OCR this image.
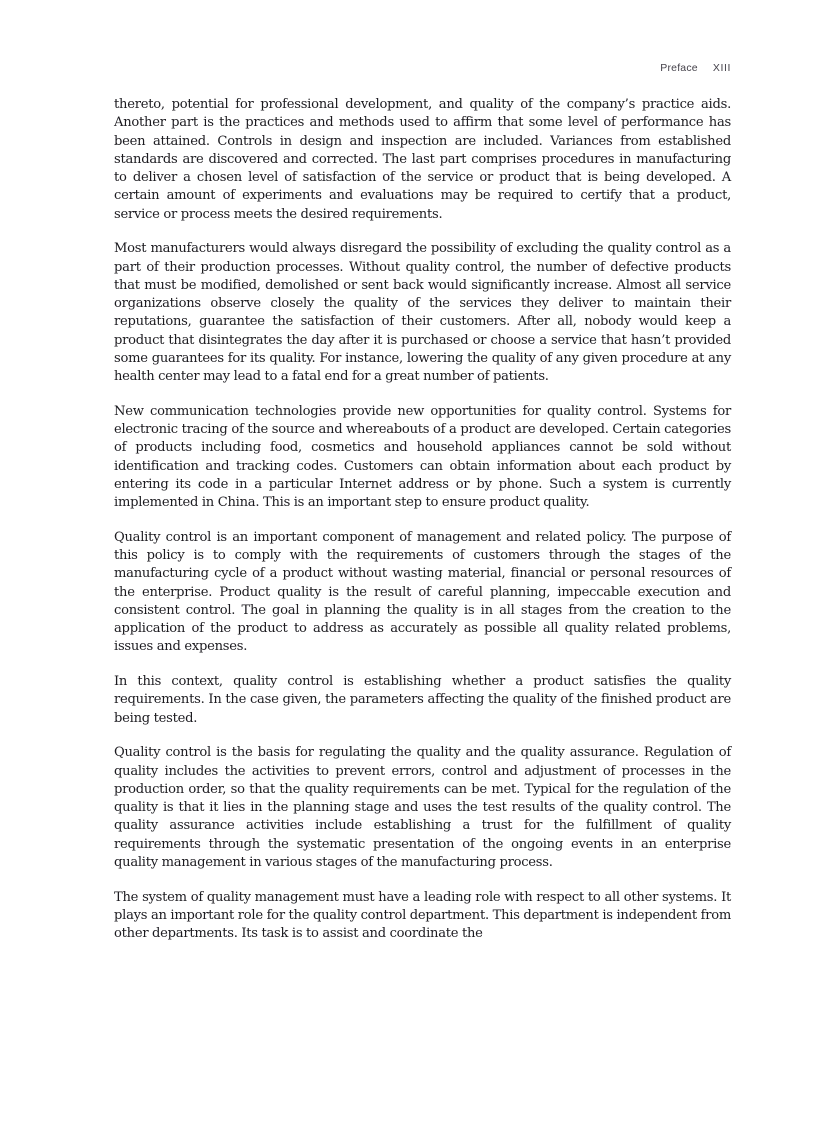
Preface XIII

thereto, potential for professional development, and quality of the company’s practice aids. Another part is the practices and methods used to affirm that some level of performance has been attained. Controls in design and inspection are included. Variances from established standards are discovered and corrected. The last part comprises procedures in manufacturing to deliver a chosen level of satisfaction of the service or product that is being developed. A certain amount of experiments and evaluations may be required to certify that a product, service or process meets the desired requirements.

Most manufacturers would always disregard the possibility of excluding the quality control as a part of their production processes. Without quality control, the number of defective products that must be modified, demolished or sent back would significantly increase. Almost all service organizations observe closely the quality of the services they deliver to maintain their reputations, guarantee the satisfaction of their customers. After all, nobody would keep a product that disintegrates the day after it is purchased or choose a service that hasn’t provided some guarantees for its quality. For instance, lowering the quality of any given procedure at any health center may lead to a fatal end for a great number of patients.

New communication technologies provide new opportunities for quality control. Systems for electronic tracing of the source and whereabouts of a product are developed. Certain categories of products including food, cosmetics and household appliances cannot be sold without identification and tracking codes. Customers can obtain information about each product by entering its code in a particular Internet address or by phone. Such a system is currently implemented in China. This is an important step to ensure product quality.

Quality control is an important component of management and related policy. The purpose of this policy is to comply with the requirements of customers through the stages of the manufacturing cycle of a product without wasting material, financial or personal resources of the enterprise. Product quality is the result of careful planning, impeccable execution and consistent control. The goal in planning the quality is in all stages from the creation to the application of the product to address as accurately as possible all quality related problems, issues and expenses.

In this context, quality control is establishing whether a product satisfies the quality requirements. In the case given, the parameters affecting the quality of the finished product are being tested.

Quality control is the basis for regulating the quality and the quality assurance. Regulation of quality includes the activities to prevent errors, control and adjustment of processes in the production order, so that the quality requirements can be met. Typical for the regulation of the quality is that it lies in the planning stage and uses the test results of the quality control. The quality assurance activities include establishing a trust for the fulfillment of quality requirements through the systematic presentation of the ongoing events in an enterprise quality management in various stages of the manufacturing process.

The system of quality management must have a leading role with respect to all other systems. It plays an important role for the quality control department. This department is independent from other departments. Its task is to assist and coordinate the
